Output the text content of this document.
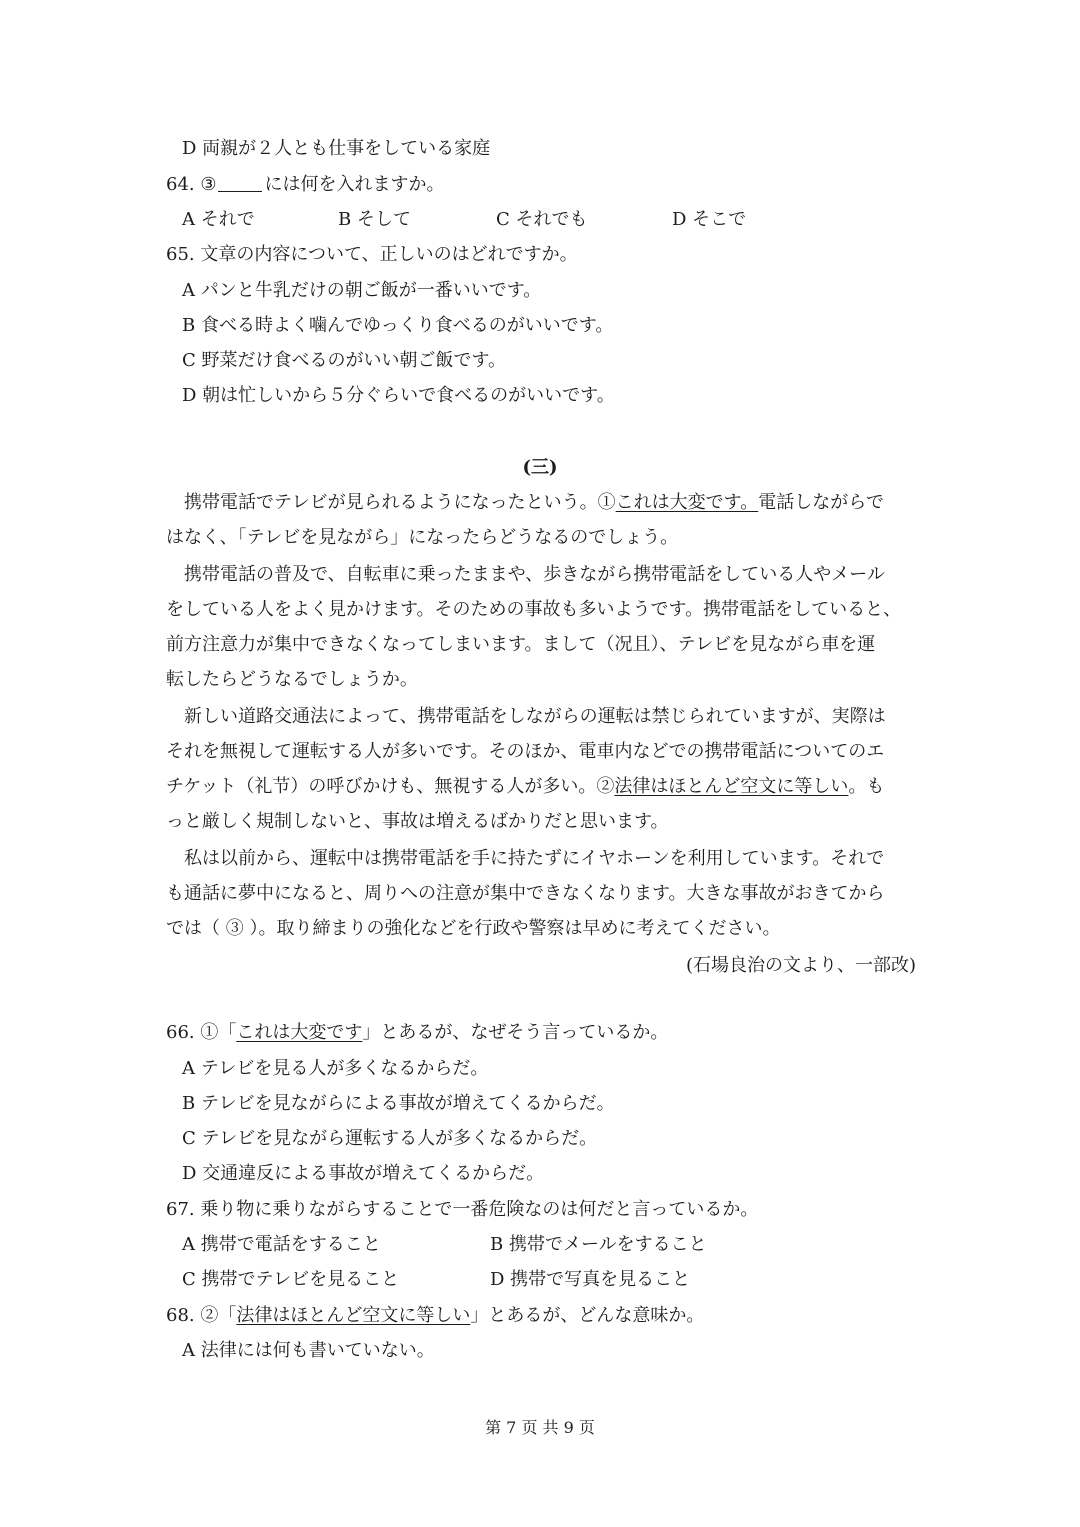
D 両親が２人とも仕事をしている家庭
64. ③	には何を入れますか。
A それで	B そして	C それでも	D そこで
65. 文章の内容について、正しいのはどれですか。
A パンと牛乳だけの朝ご飯が一番いいです。
B 食べる時よく噛んでゆっくり食べるのがいいです。
C 野菜だけ食べるのがいい朝ご飯です。
D 朝は忙しいから５分ぐらいで食べるのがいいです。
(三)
携帯電話でテレビが見られるようになったという。①これは大変です。電話しながらで
はなく、「テレビを見ながら」になったらどうなるのでしょう。
携帯電話の普及で、自転車に乗ったままや、歩きながら携帯電話をしている人やメール
をしている人をよく見かけます。そのための事故も多いようです。携帯電話をしていると、
前方注意力が集中できなくなってしまいます。まして（况且）、テレビを見ながら車を運
転したらどうなるでしょうか。
新しい道路交通法によって、携帯電話をしながらの運転は禁じられていますが、実際は
それを無視して運転する人が多いです。そのほか、電車内などでの携帯電話についてのエ
チケット（礼节）の呼びかけも、無視する人が多い。②法律はほとんど空文に等しい。も
っと厳しく規制しないと、事故は増えるばかりだと思います。
私は以前から、運転中は携帯電話を手に持たずにイヤホーンを利用しています。それで
も通話に夢中になると、周りへの注意が集中できなくなります。大きな事故がおきてから
では（ ③ ）。取り締まりの強化などを行政や警察は早めに考えてください。
(石場良治の文より、一部改)
66. ①「これは大変です」とあるが、なぜそう言っているか。
A テレビを見る人が多くなるからだ。
B テレビを見ながらによる事故が増えてくるからだ。
C テレビを見ながら運転する人が多くなるからだ。
D 交通違反による事故が増えてくるからだ。
67. 乗り物に乗りながらすることで一番危険なのは何だと言っているか。
A 携帯で電話をすること	B 携帯でメールをすること
C 携帯でテレビを見ること	D 携帯で写真を見ること
68. ②「法律はほとんど空文に等しい」とあるが、どんな意味か。
A 法律には何も書いていない。
第 7 页 共 9 页
